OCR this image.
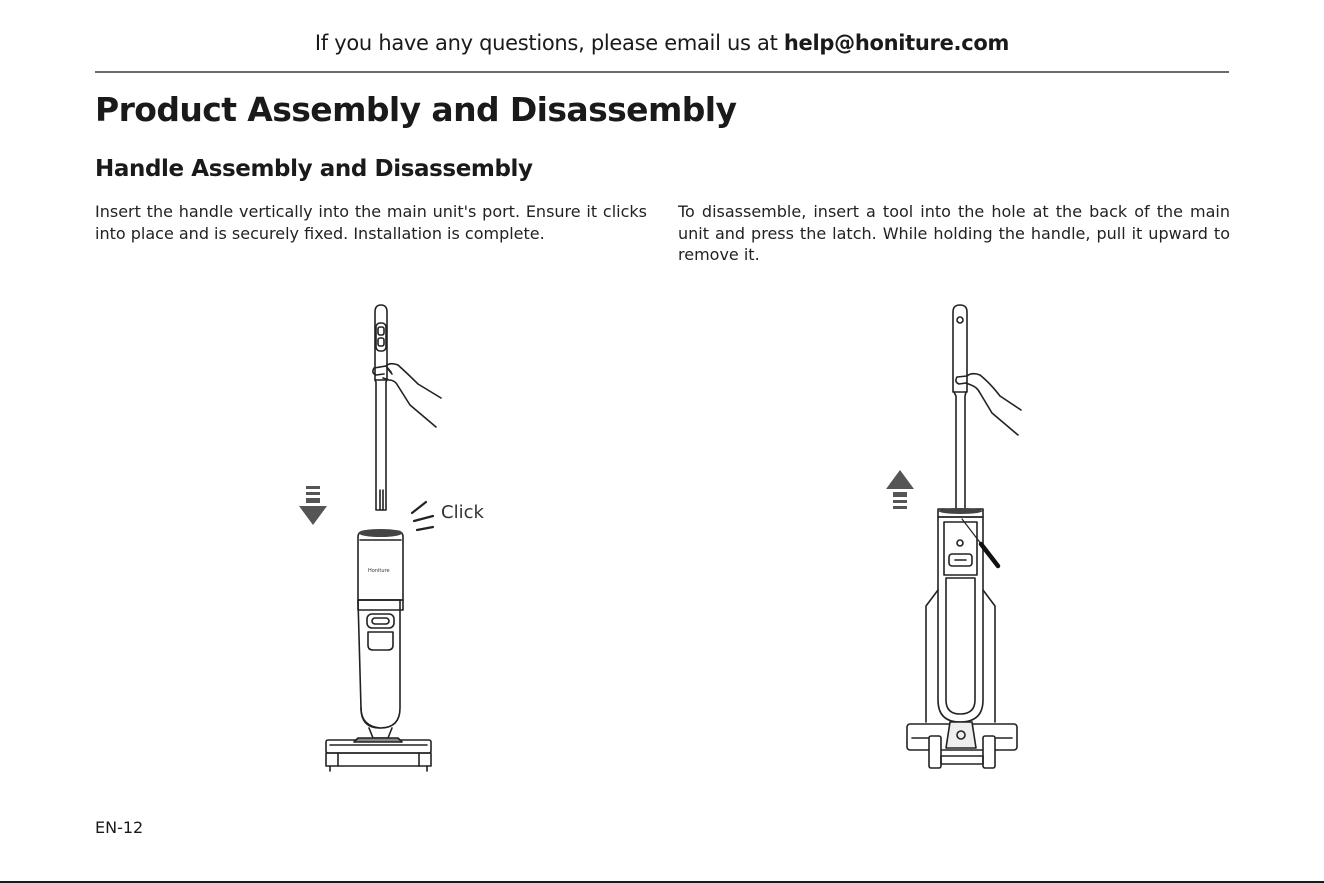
If you have any questions, please email us at help@honiture.com
Product Assembly and Disassembly
Handle Assembly and Disassembly

Insert the handle vertically into the main unit's port. Ensure it clicks into place and is securely fixed. Installation is complete.

To disassemble, insert a tool into the hole at the back of the main unit and press the latch. While holding the handle, pull it upward to remove it.

Click
Honiture
EN-12
